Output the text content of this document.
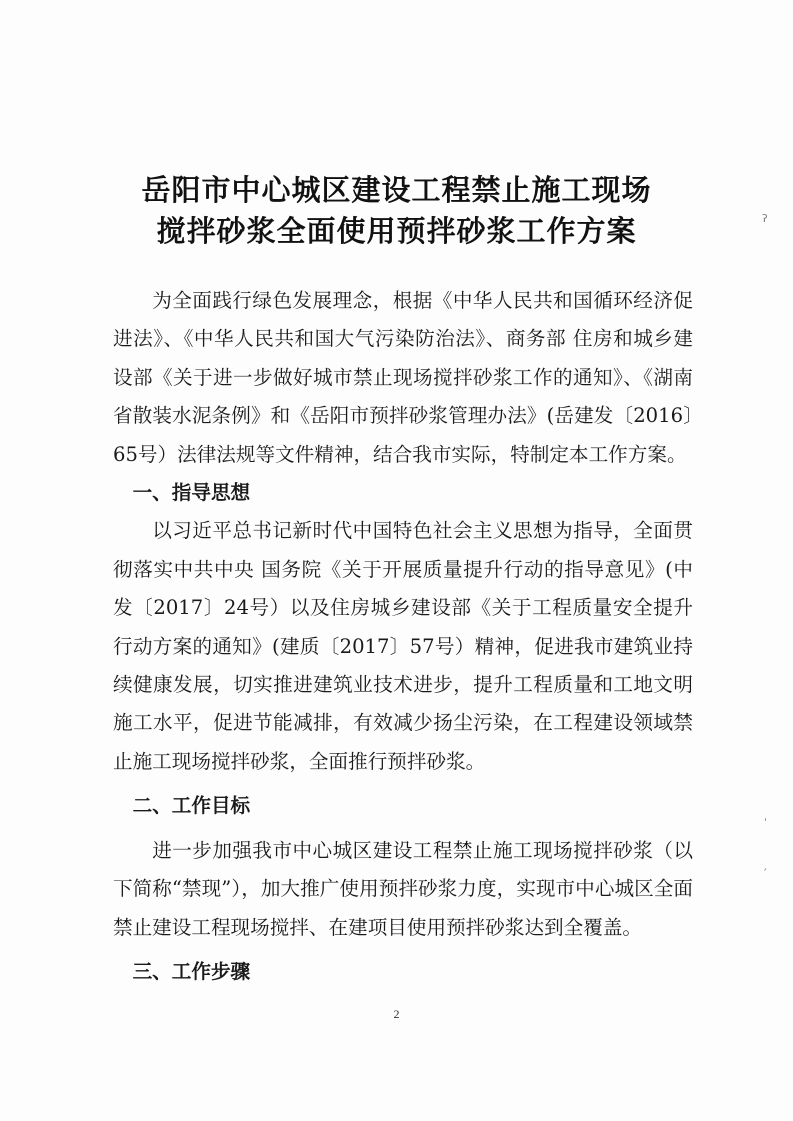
岳阳市中心城区建设工程禁止施工现场
搅拌砂浆全面使用预拌砂浆工作方案

为全面践行绿色发展理念，根据《中华人民共和国循环经济促进法》、《中华人民共和国大气污染防治法》、商务部 住房和城乡建设部《关于进一步做好城市禁止现场搅拌砂浆工作的通知》、《湖南省散装水泥条例》和《岳阳市预拌砂浆管理办法》(岳建发〔2016〕65号）法律法规等文件精神，结合我市实际，特制定本工作方案。

一、指导思想

以习近平总书记新时代中国特色社会主义思想为指导，全面贯彻落实中共中央 国务院《关于开展质量提升行动的指导意见》(中发〔2017〕24号）以及住房城乡建设部《关于工程质量安全提升行动方案的通知》(建质〔2017〕57号）精神，促进我市建筑业持续健康发展，切实推进建筑业技术进步，提升工程质量和工地文明施工水平，促进节能减排，有效减少扬尘污染，在工程建设领域禁止施工现场搅拌砂浆，全面推行预拌砂浆。

二、工作目标

进一步加强我市中心城区建设工程禁止施工现场搅拌砂浆（以下简称“禁现”），加大推广使用预拌砂浆力度，实现市中心城区全面禁止建设工程现场搅拌、在建项目使用预拌砂浆达到全覆盖。

三、工作步骤

2
ʔ
ˈ
ˏ
